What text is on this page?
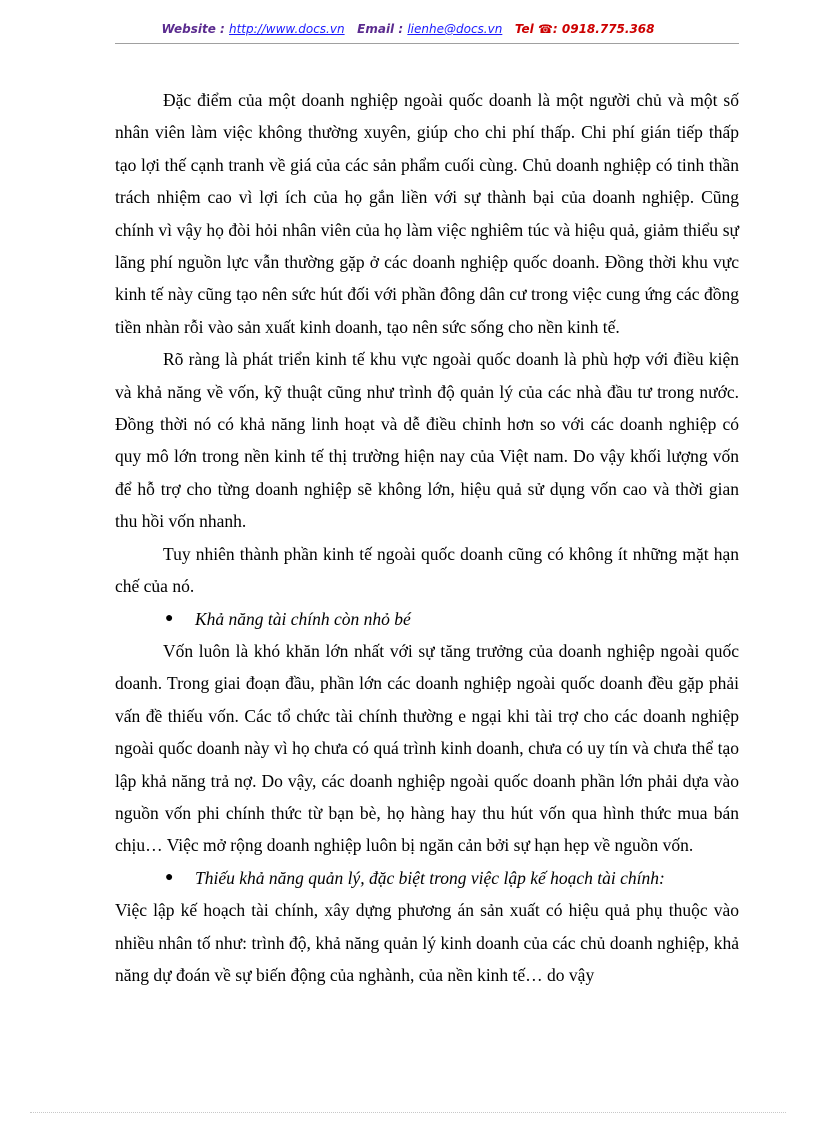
Website : http://www.docs.vn Email : lienhe@docs.vn Tel ☎: 0918.775.368

Đặc điểm của một doanh nghiệp ngoài quốc doanh là một người chủ và một số nhân viên làm việc không thường xuyên, giúp cho chi phí thấp. Chi phí gián tiếp thấp tạo lợi thế cạnh tranh về giá của các sản phẩm cuối cùng. Chủ doanh nghiệp có tinh thần trách nhiệm cao vì lợi ích của họ gắn liền với sự thành bại của doanh nghiệp. Cũng chính vì vậy họ đòi hỏi nhân viên của họ làm việc nghiêm túc và hiệu quả, giảm thiểu sự lãng phí nguồn lực vẫn thường gặp ở các doanh nghiệp quốc doanh. Đồng thời khu vực kinh tế này cũng tạo nên sức hút đối với phần đông dân cư trong việc cung ứng các đồng tiền nhàn rỗi vào sản xuất kinh doanh, tạo nên sức sống cho nền kinh tế.

Rõ ràng là phát triển kinh tế khu vực ngoài quốc doanh là phù hợp với điều kiện và khả năng về vốn, kỹ thuật cũng như trình độ quản lý của các nhà đầu tư trong nước. Đồng thời nó có khả năng linh hoạt và dễ điều chỉnh hơn so với các doanh nghiệp có quy mô lớn trong nền kinh tế thị trường hiện nay của Việt nam. Do vậy khối lượng vốn để hỗ trợ cho từng doanh nghiệp sẽ không lớn, hiệu quả sử dụng vốn cao và thời gian thu hồi vốn nhanh.

Tuy nhiên thành phần kinh tế ngoài quốc doanh cũng có không ít những mặt hạn chế của nó.

● Khả năng tài chính còn nhỏ bé

Vốn luôn là khó khăn lớn nhất với sự tăng trưởng của doanh nghiệp ngoài quốc doanh. Trong giai đoạn đầu, phần lớn các doanh nghiệp ngoài quốc doanh đều gặp phải vấn đề thiếu vốn. Các tổ chức tài chính thường e ngại khi tài trợ cho các doanh nghiệp ngoài quốc doanh này vì họ chưa có quá trình kinh doanh, chưa có uy tín và chưa thể tạo lập khả năng trả nợ. Do vậy, các doanh nghiệp ngoài quốc doanh phần lớn phải dựa vào nguồn vốn phi chính thức từ bạn bè, họ hàng hay thu hút vốn qua hình thức mua bán chịu… Việc mở rộng doanh nghiệp luôn bị ngăn cản bởi sự hạn hẹp về nguồn vốn.

● Thiếu khả năng quản lý, đặc biệt trong việc lập kế hoạch tài chính:

Việc lập kế hoạch tài chính, xây dựng phương án sản xuất có hiệu quả phụ thuộc vào nhiều nhân tố như: trình độ, khả năng quản lý kinh doanh của các chủ doanh nghiệp, khả năng dự đoán về sự biến động của nghành, của nền kinh tế… do vậy
